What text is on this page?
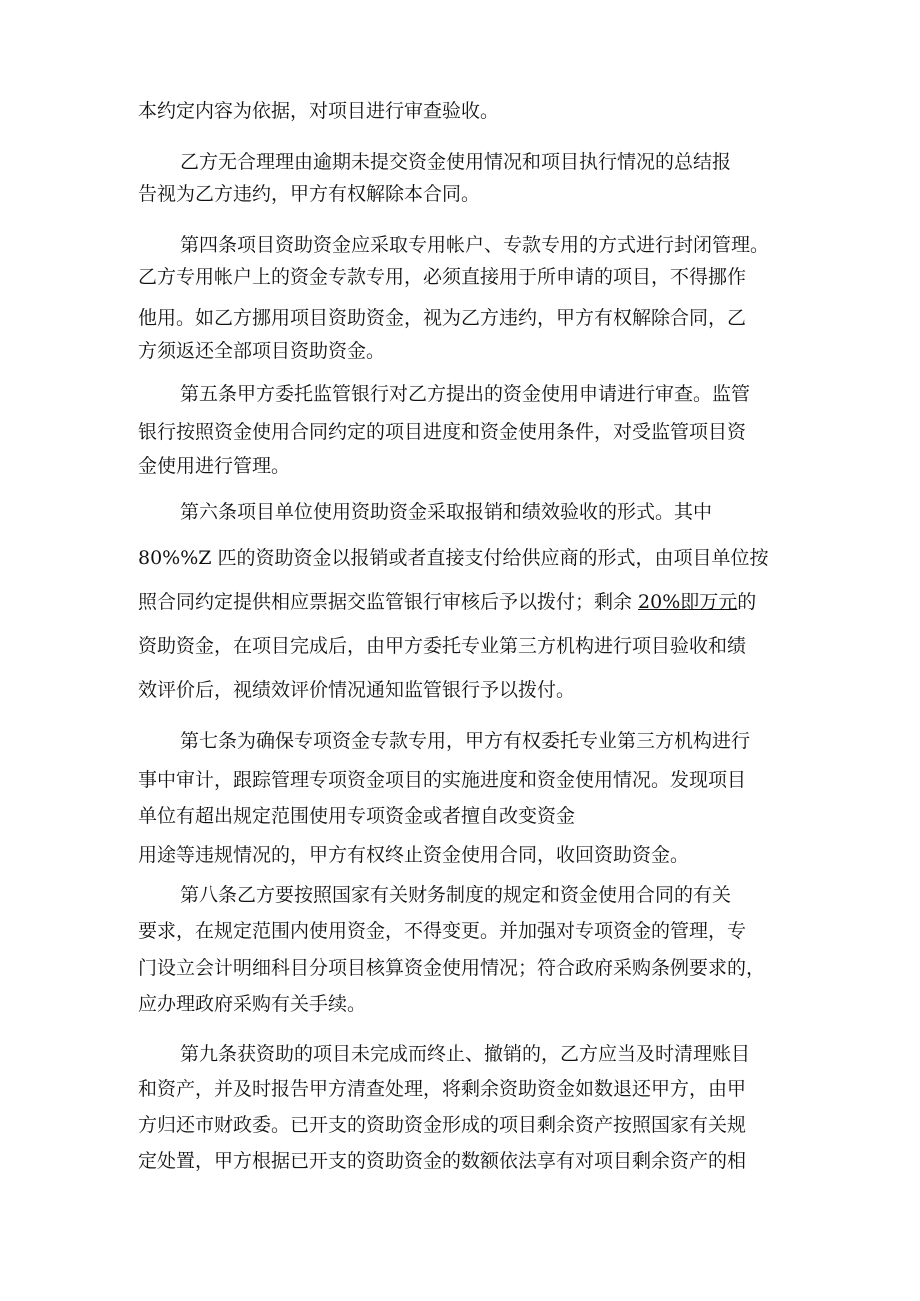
本约定内容为依据，对项目进行审查验收。
乙方无合理理由逾期未提交资金使用情况和项目执行情况的总结报
告视为乙方违约，甲方有权解除本合同。
第四条项目资助资金应采取专用帐户、专款专用的方式进行封闭管理。
乙方专用帐户上的资金专款专用，必须直接用于所申请的项目，不得挪作
他用。如乙方挪用项目资助资金，视为乙方违约，甲方有权解除合同，乙
方须返还全部项目资助资金。
第五条甲方委托监管银行对乙方提出的资金使用申请进行审查。监管
银行按照资金使用合同约定的项目进度和资金使用条件，对受监管项目资
金使用进行管理。
第六条项目单位使用资助资金采取报销和绩效验收的形式。其中
80%%Z 匹的资助资金以报销或者直接支付给供应商的形式，由项目单位按
照合同约定提供相应票据交监管银行审核后予以拨付；剩余 20%即万元的
资助资金，在项目完成后，由甲方委托专业第三方机构进行项目验收和绩
效评价后，视绩效评价情况通知监管银行予以拨付。
第七条为确保专项资金专款专用，甲方有权委托专业第三方机构进行
事中审计，跟踪管理专项资金项目的实施进度和资金使用情况。发现项目
单位有超出规定范围使用专项资金或者擅自改变资金
用途等违规情况的，甲方有权终止资金使用合同，收回资助资金。
第八条乙方要按照国家有关财务制度的规定和资金使用合同的有关
要求，在规定范围内使用资金，不得变更。并加强对专项资金的管理，专
门设立会计明细科目分项目核算资金使用情况；符合政府采购条例要求的，
应办理政府采购有关手续。
第九条获资助的项目未完成而终止、撤销的，乙方应当及时清理账目
和资产，并及时报告甲方清查处理，将剩余资助资金如数退还甲方，由甲
方归还市财政委。已开支的资助资金形成的项目剩余资产按照国家有关规
定处置，甲方根据已开支的资助资金的数额依法享有对项目剩余资产的相
